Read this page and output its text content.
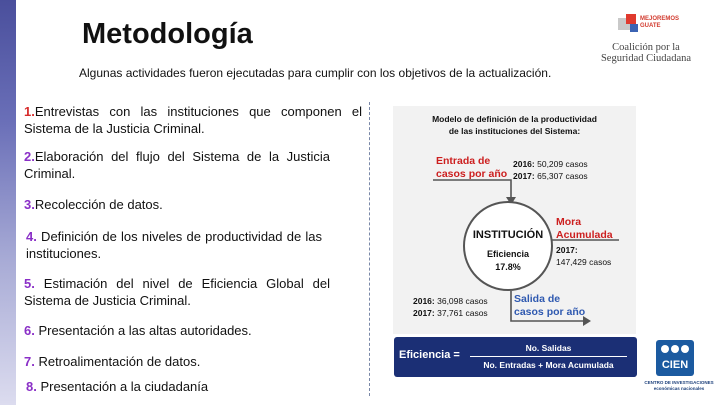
Metodología
Algunas actividades fueron ejecutadas para cumplir con los objetivos de la actualización.
MEJOREMOS GUATE
Coalición por la
Seguridad Ciudadana
1.Entrevistas con las instituciones que componen el Sistema de la Justicia Criminal.
2.Elaboración del flujo del Sistema de la Justicia Criminal.
3.Recolección de datos.
4. Definición de los niveles de productividad de las instituciones.
5. Estimación del nivel de Eficiencia Global del Sistema de Justicia Criminal.
6. Presentación a las altas autoridades.
7. Retroalimentación de datos.
8. Presentación a la ciudadanía
Modelo de definición de la productividad
de las instituciones del Sistema:
Entrada de
casos por año
2016: 50,209 casos
2017: 65,307 casos
Mora
Acumulada
2017:
147,429 casos
INSTITUCIÓN
Eficiencia
17.8%
2016: 36,098 casos
2017: 37,761 casos
Salida de
casos por año
Eficiencia =
No. Salidas
No. Entradas + Mora Acumulada	CIEN
CENTRO DE INVESTIGACIONES
económicas nacionales
